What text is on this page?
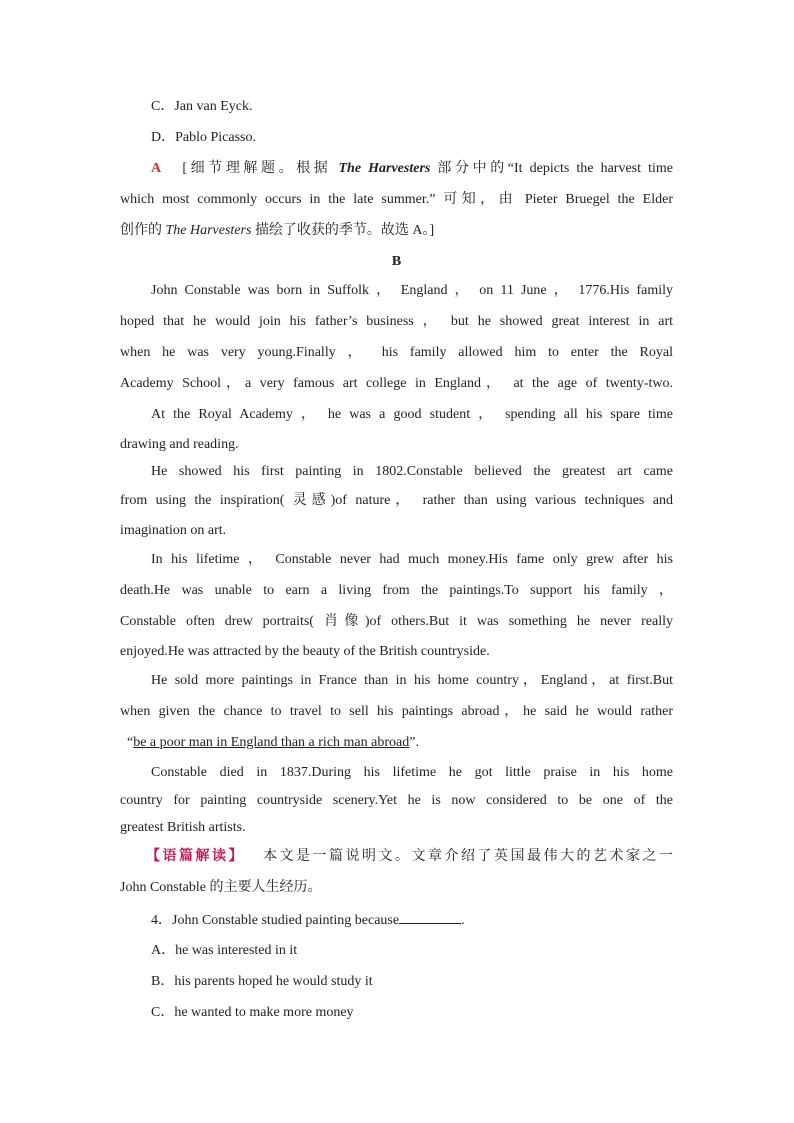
C．Jan van Eyck.
D．Pablo Picasso.
A [细节理解题。根据 The Harvesters 部分中的“It depicts the harvest time
which most commonly occurs in the late summer.” 可知，由 Pieter Bruegel the Elder
创作的 The Harvesters 描绘了收获的季节。故选 A。]
B
John Constable was born in Suffolk ， England ， on 11 June ， 1776.His family
hoped that he would join his father’s business ， but he showed great interest in art
when he was very young.Finally ， his family allowed him to enter the Royal
Academy School，a very famous art college in England， at the age of twenty-two.
At the Royal Academy ， he was a good student ， spending all his spare time
drawing and reading.
He showed his first painting in 1802.Constable believed the greatest art came
from using the inspiration( 灵感)of nature， rather than using various techniques and
imagination on art.
In his lifetime ， Constable never had much money.His fame only grew after his
death.He was unable to earn a living from the paintings.To support his family ，
Constable often drew portraits( 肖像)of others.But it was something he never really
enjoyed.He was attracted by the beauty of the British countryside.
He sold more paintings in France than in his home country，England，at first.But
when given the chance to travel to sell his paintings abroad，he said he would rather
“be a poor man in England than a rich man abroad”.
Constable died in 1837.During his lifetime he got little praise in his home
country for painting countryside scenery.Yet he is now considered to be one of the
greatest British artists.
【语篇解读】 本文是一篇说明文。文章介绍了英国最伟大的艺术家之一
John Constable 的主要人生经历。
4．John Constable studied painting because	.
A．he was interested in it
B．his parents hoped he would study it
C．he wanted to make more money
